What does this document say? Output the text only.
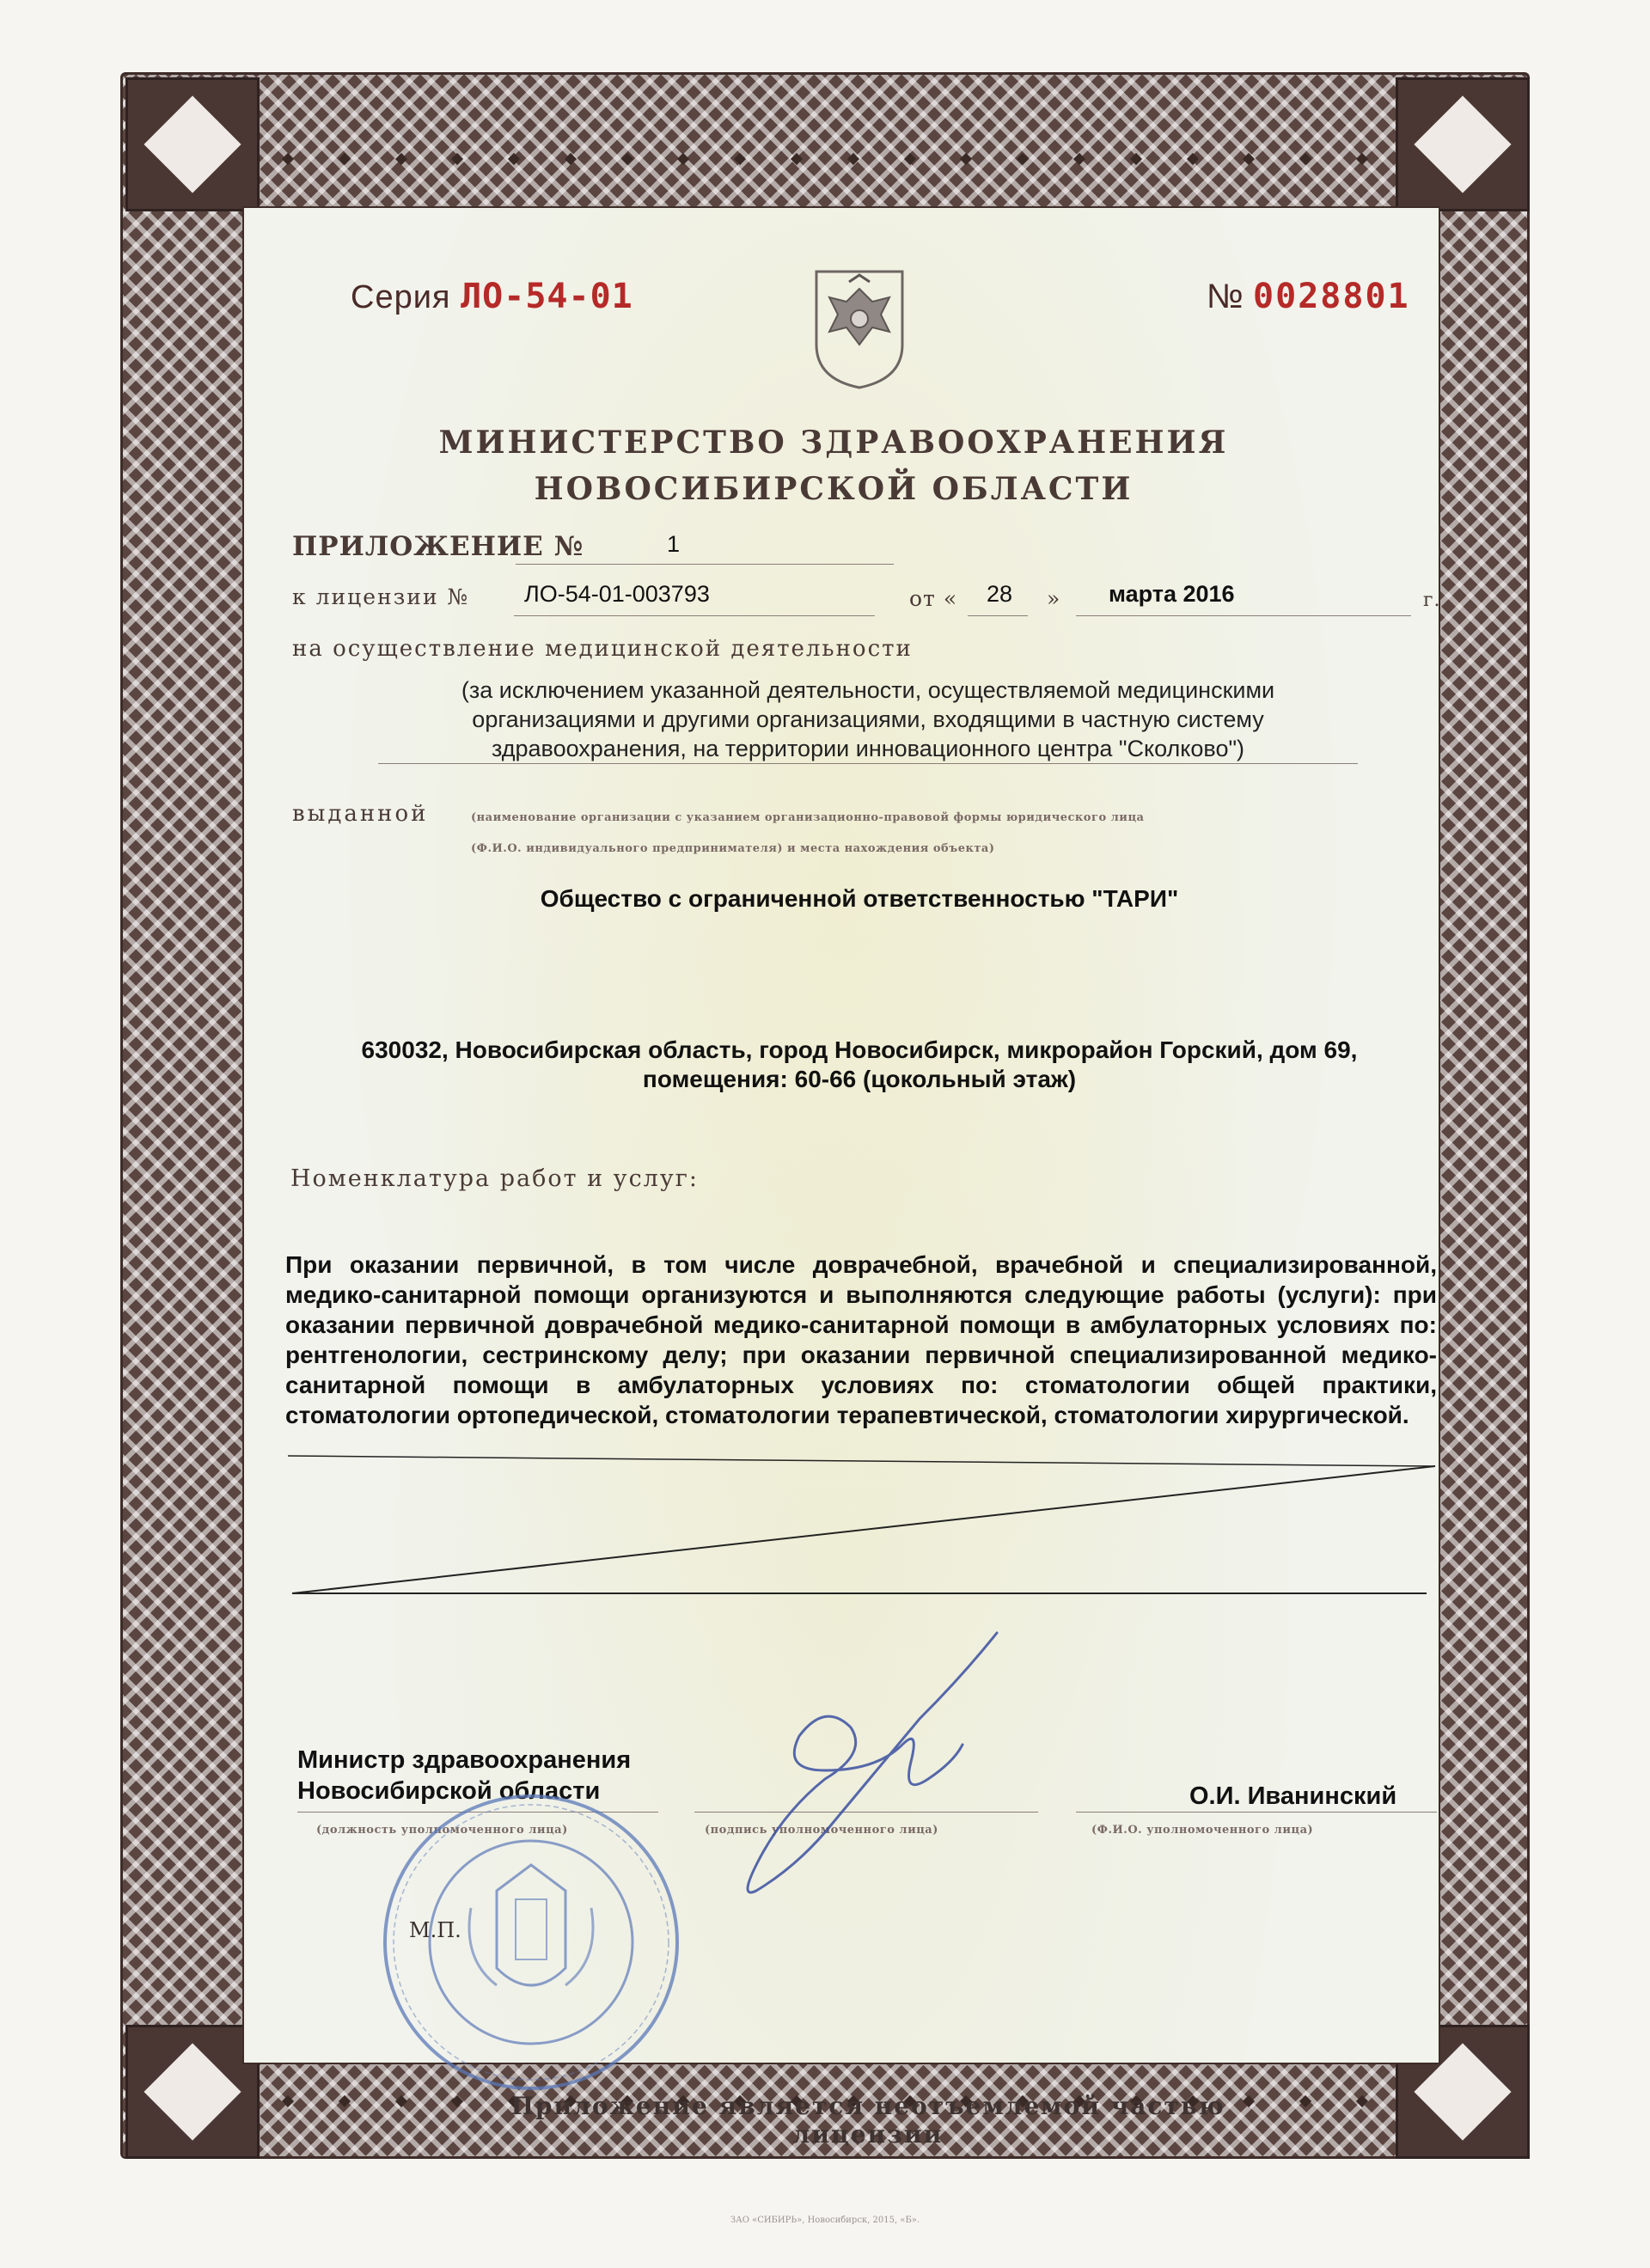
Серия ЛО-54-01	№ 0028801
МИНИСТЕРСТВО ЗДРАВООХРАНЕНИЯ
НОВОСИБИРСКОЙ ОБЛАСТИ
ПРИЛОЖЕНИЕ №	1
к лицензии № ЛО-54-01-003793	от « 28 » марта 2016	г.
на осуществление медицинской деятельности
(за исключением указанной деятельности, осуществляемой медицинскими
организациями и другими организациями, входящими в частную систему
здравоохранения, на территории инновационного центра "Сколково")
выданной	(наименование организации с указанием организационно-правовой формы юридического лица
(Ф.И.О. индивидуального предпринимателя) и места нахождения объекта)
Общество с ограниченной ответственностью "ТАРИ"
630032, Новосибирская область, город Новосибирск, микрорайон Горский, дом 69,
помещения: 60-66 (цокольный этаж)
Номенклатура работ и услуг:
При оказании первичной, в том числе доврачебной, врачебной и специализированной, медико-санитарной помощи организуются и выполняются следующие работы (услуги): при оказании первичной доврачебной медико-санитарной помощи в амбулаторных условиях по: рентгенологии, сестринскому делу; при оказании первичной специализированной медико-санитарной помощи в амбулаторных условиях по: стоматологии общей практики, стоматологии ортопедической, стоматологии терапевтической, стоматологии хирургической.
Министр здравоохранения
Новосибирской области
(должность уполномоченного лица)	(подпись уполномоченного лица)
О.И. Иванинский
(Ф.И.О. уполномоченного лица)
М.П.
Приложение является неотъемлемой частью лицензии
ЗАО «СИБИРЬ», Новосибирск, 2015, «Б».
